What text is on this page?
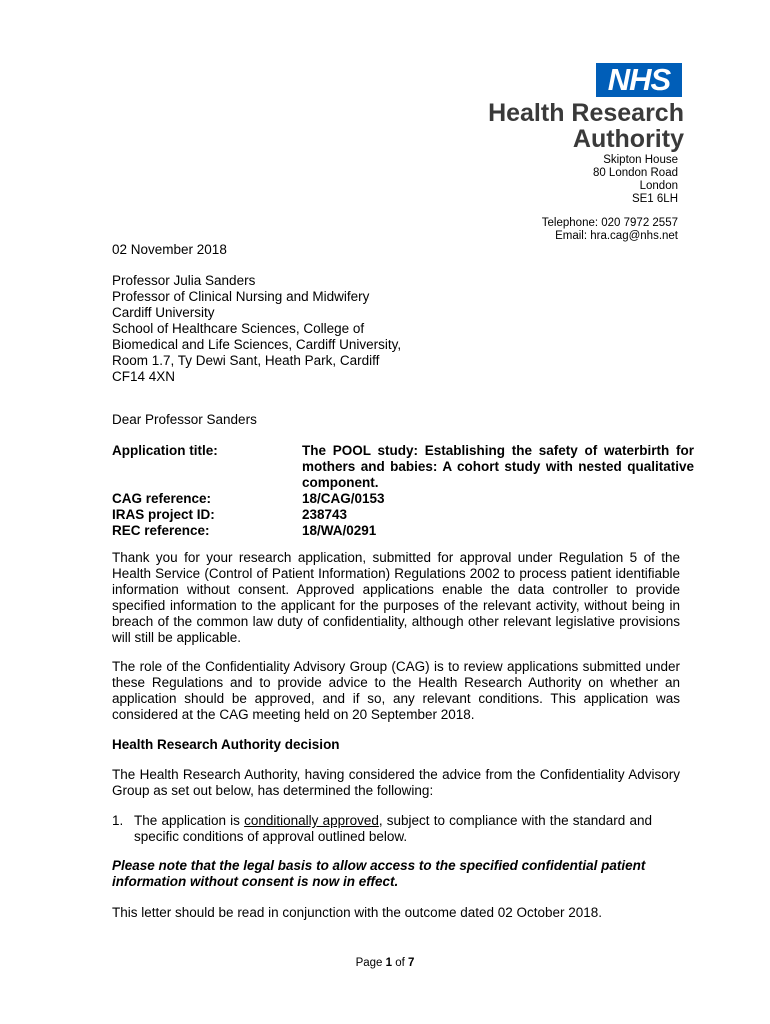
NHS
Health Research
Authority
Skipton House
80 London Road
London
SE1 6LH
Telephone: 020 7972 2557
Email: hra.cag@nhs.net
02 November 2018
Professor Julia Sanders
Professor of Clinical Nursing and Midwifery
Cardiff University
School of Healthcare Sciences, College of
Biomedical and Life Sciences, Cardiff University,
Room 1.7, Ty Dewi Sant, Heath Park, Cardiff
CF14 4XN
Dear Professor Sanders
Application title:	The POOL study: Establishing the safety of waterbirth for mothers and babies: A cohort study with nested qualitative component.
CAG reference:	18/CAG/0153
IRAS project ID:	238743
REC reference:	18/WA/0291
Thank you for your research application, submitted for approval under Regulation 5 of the Health Service (Control of Patient Information) Regulations 2002 to process patient identifiable information without consent. Approved applications enable the data controller to provide specified information to the applicant for the purposes of the relevant activity, without being in breach of the common law duty of confidentiality, although other relevant legislative provisions will still be applicable.
The role of the Confidentiality Advisory Group (CAG) is to review applications submitted under these Regulations and to provide advice to the Health Research Authority on whether an application should be approved, and if so, any relevant conditions. This application was considered at the CAG meeting held on 20 September 2018.
Health Research Authority decision
The Health Research Authority, having considered the advice from the Confidentiality Advisory Group as set out below, has determined the following:
1. The application is conditionally approved, subject to compliance with the standard and specific conditions of approval outlined below.
Please note that the legal basis to allow access to the specified confidential patient information without consent is now in effect.
This letter should be read in conjunction with the outcome dated 02 October 2018.
Page 1 of 7
